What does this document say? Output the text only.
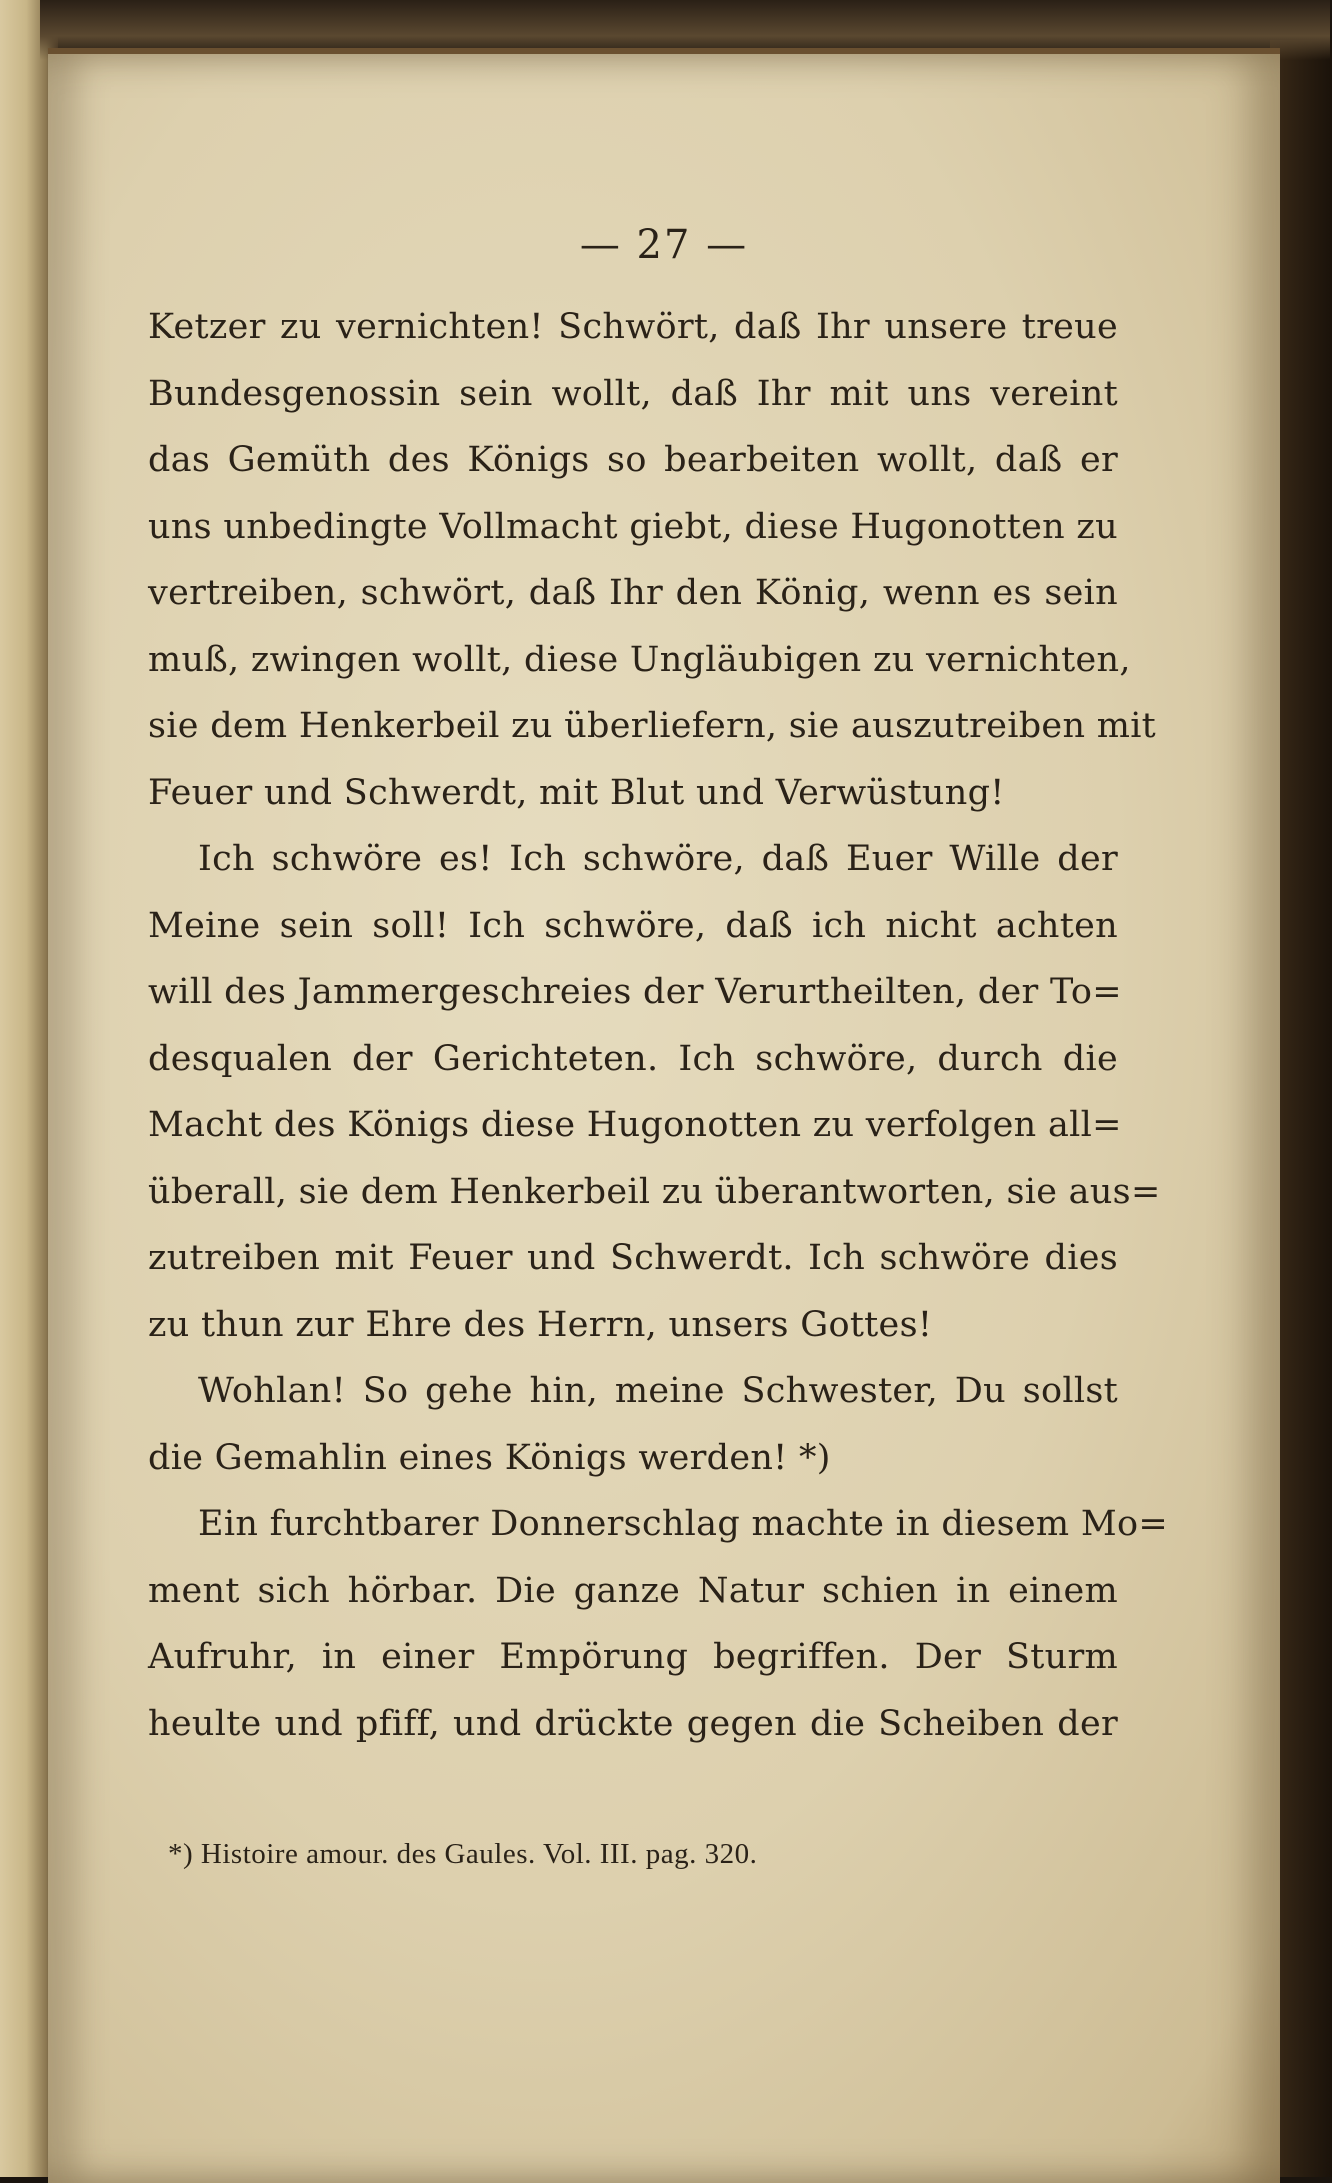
— 27 —
Ketzer zu vernichten! Schwört, daß Ihr unsere treue
Bundesgenossin sein wollt, daß Ihr mit uns vereint
das Gemüth des Königs so bearbeiten wollt, daß er
uns unbedingte Vollmacht giebt, diese Hugonotten zu
vertreiben, schwört, daß Ihr den König, wenn es sein
muß, zwingen wollt, diese Ungläubigen zu vernichten,
sie dem Henkerbeil zu überliefern, sie auszutreiben mit
Feuer und Schwerdt, mit Blut und Verwüstung!
Ich schwöre es! Ich schwöre, daß Euer Wille der
Meine sein soll! Ich schwöre, daß ich nicht achten
will des Jammergeschreies der Verurtheilten, der To=
desqualen der Gerichteten. Ich schwöre, durch die
Macht des Königs diese Hugonotten zu verfolgen all=
überall, sie dem Henkerbeil zu überantworten, sie aus=
zutreiben mit Feuer und Schwerdt. Ich schwöre dies
zu thun zur Ehre des Herrn, unsers Gottes!
Wohlan! So gehe hin, meine Schwester, Du sollst
die Gemahlin eines Königs werden! *)
Ein furchtbarer Donnerschlag machte in diesem Mo=
ment sich hörbar. Die ganze Natur schien in einem
Aufruhr, in einer Empörung begriffen. Der Sturm
heulte und pfiff, und drückte gegen die Scheiben der
*) Histoire amour. des Gaules. Vol. III. pag. 320.
